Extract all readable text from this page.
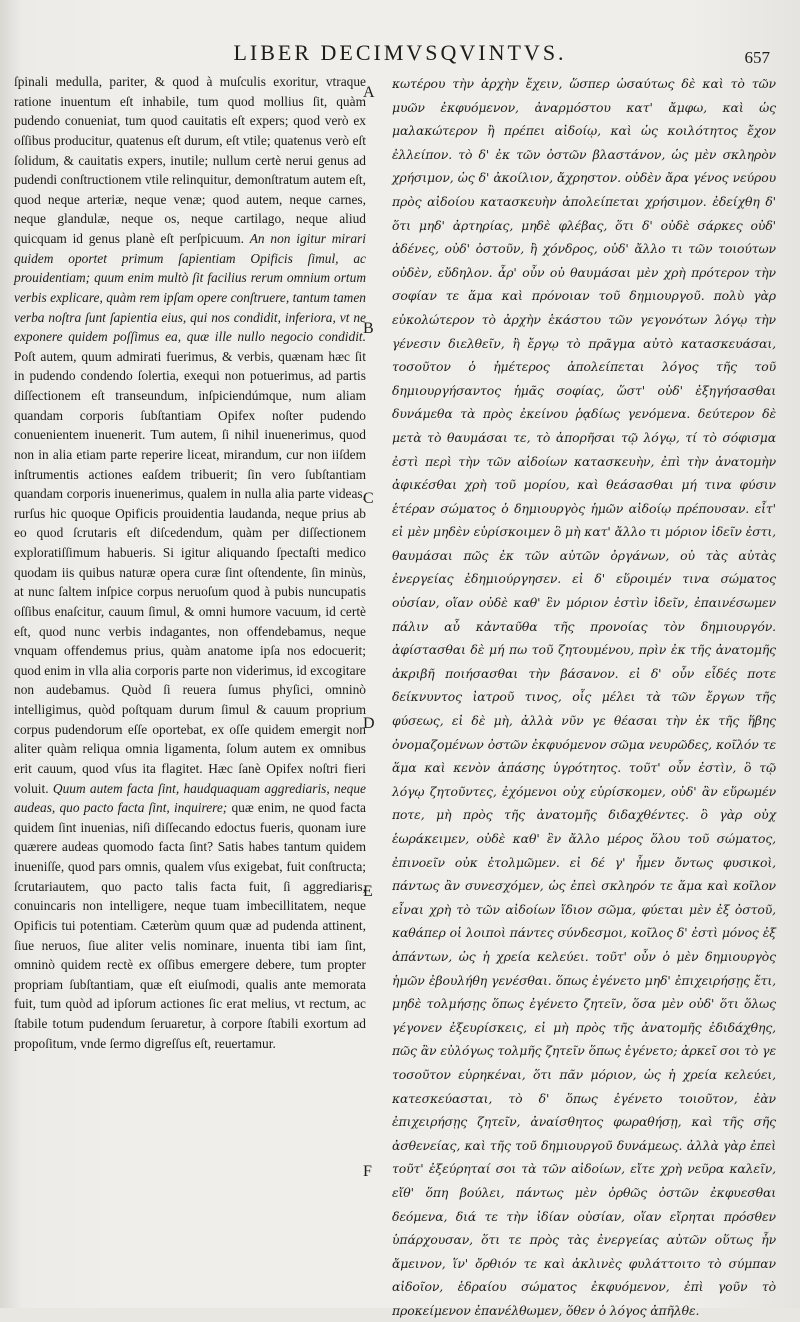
LIBER DECIMVSQVINTVS.	657

ſpinali medulla, pariter, & quod à muſculis exoritur, vtraque ratione inuentum eſt inhabile, tum quod mollius ſit, quàm pudendo conueniat, tum quod cauitatis eſt expers; quod verò ex oſſibus producitur, quatenus eſt durum, eſt vtile; quatenus verò eſt ſolidum, & cauitatis expers, inutile; nullum certè nerui genus ad pudendi conſtructionem vtile relinquitur, demonſtratum autem eſt, quod neque arteriæ, neque venæ; quod autem, neque carnes, neque glandulæ, neque os, neque cartilago, neque aliud quicquam id genus planè eſt perſpicuum. An non igitur mirari quidem oportet primum ſapientiam Opificis ſimul, ac prouidentiam; quum enim multò ſit facilius rerum omnium ortum verbis explicare, quàm rem ipſam opere conſtruere, tantum tamen verba noſtra ſunt ſapientia eius, qui nos condidit, inferiora, vt ne exponere quidem poſſimus ea, quæ ille nullo negocio condidit. Poſt autem, quum admirati fuerimus, & verbis, quænam hæc ſit in pudendo condendo ſolertia, exequi non potuerimus, ad partis diſſectionem eſt transeundum, inſpiciendúmque, num aliam quandam corporis ſubſtantiam Opifex noſter pudendo conuenientem inuenerit. Tum autem, ſi nihil inuenerimus, quod non in alia etiam parte reperire liceat, mirandum, cur non iiſdem inſtrumentis actiones eaſdem tribuerit; ſin vero ſubſtantiam quandam corporis inuenerimus, qualem in nulla alia parte videas, rurſus hic quoque Opificis prouidentia laudanda, neque prius ab eo quod ſcrutaris eſt diſcedendum, quàm per diſſectionem exploratiſſimum habueris. Si igitur aliquando ſpectaſti medico quodam iis quibus naturæ opera curæ ſint oſtendente, ſin minùs, at nunc ſaltem inſpice corpus neruoſum quod à pubis nuncupatis oſſibus enaſcitur, cauum ſimul, & omni humore vacuum, id certè eſt, quod nunc verbis indagantes, non offendebamus, neque vnquam offendemus prius, quàm anatome ipſa nos edocuerit; quod enim in vlla alia corporis parte non viderimus, id excogitare non audebamus. Quòd ſi reuera ſumus phyſici, omninò intelligimus, quòd poſtquam durum ſimul & cauum proprium corpus pudendorum eſſe oportebat, ex oſſe quidem emergit non aliter quàm reliqua omnia ligamenta, ſolum autem ex omnibus erit cauum, quod vſus ita flagitet. Hæc ſanè Opifex noſtri fieri voluit. Quum autem facta ſint, haudquaquam aggrediaris, neque audeas, quo pacto facta ſint, inquirere; quæ enim, ne quod facta quidem ſint inuenias, niſi diſſecando edoctus fueris, quonam iure quærere audeas quomodo facta ſint? Satis habes tantum quidem inueniſſe, quod pars omnis, qualem vſus exigebat, fuit conſtructa; ſcrutariautem, quo pacto talis facta fuit, ſi aggrediaris, conuincaris non intelligere, neque tuam imbecillitatem, neque Opificis tui potentiam. Cæterùm quum quæ ad pudenda attinent, ſiue neruos, ſiue aliter velis nominare, inuenta tibi iam ſint, omninò quidem rectè ex oſſibus emergere debere, tum propter propriam ſubſtantiam, quæ eſt eiuſmodi, qualis ante memorata fuit, tum quòd ad ipſorum actiones ſic erat melius, vt rectum, ac ſtabile totum pudendum ſeruaretur, à corpore ſtabili exortum ad propoſitum, vnde ſermo digreſſus eſt, reuertamur.

A
B
C
D
E
F

κωτέρου τὴν ἀρχὴν ἔχειν, ὥσπερ ὡσαύτως δὲ καὶ τὸ τῶν μυῶν ἐκφυόμενον, ἀναρμόστου κατ' ἄμφω, καὶ ὡς μαλακώτερον ἢ πρέπει αἰδοίῳ, καὶ ὡς κοιλότητος ἔχον ἐλλείπον. τὸ δ' ἐκ τῶν ὀστῶν βλαστάνον, ὡς μὲν σκληρὸν χρήσιμον, ὡς δ' ἀκοίλιον, ἄχρηστον. οὐδὲν ἄρα γένος νεύρου πρὸς αἰδοίου κατασκευὴν ἀπολείπεται χρήσιμον. ἐδείχθη δ' ὅτι μηδ' ἀρτηρίας, μηδὲ φλέβας, ὅτι δ' οὐδὲ σάρκες οὐδ' ἀδένες, οὐδ' ὀστοῦν, ἢ χόνδρος, οὐδ' ἄλλο τι τῶν τοιούτων οὐδὲν, εὔδηλον. ἆρ' οὖν οὐ θαυμάσαι μὲν χρὴ πρότερον τὴν σοφίαν τε ἅμα καὶ πρόνοιαν τοῦ δημιουργοῦ. πολὺ γὰρ εὐκολώτερον τὸ ἀρχὴν ἑκάστου τῶν γεγονότων λόγῳ τὴν γένεσιν διελθεῖν, ἢ ἔργῳ τὸ πρᾶγμα αὐτὸ κατασκευάσαι, τοσοῦτον ὁ ἡμέτερος ἀπολείπεται λόγος τῆς τοῦ δημιουργήσαντος ἡμᾶς σοφίας, ὥστ' οὐδ' ἐξηγήσασθαι δυνάμεθα τὰ πρὸς ἐκείνου ῥᾳδίως γενόμενα. δεύτερον δὲ μετὰ τὸ θαυμάσαι τε, τὸ ἀπορῆσαι τῷ λόγῳ, τί τὸ σόφισμα ἐστὶ περὶ τὴν τῶν αἰδοίων κατασκευὴν, ἐπὶ τὴν ἀνατομὴν ἀφικέσθαι χρὴ τοῦ μορίου, καὶ θεάσασθαι μή τινα φύσιν ἑτέραν σώματος ὁ δημιουργὸς ἡμῶν αἰδοίῳ πρέπουσαν. εἶτ' εἰ μὲν μηδὲν εὑρίσκοιμεν ὃ μὴ κατ' ἄλλο τι μόριον ἰδεῖν ἐστι, θαυμάσαι πῶς ἐκ τῶν αὐτῶν ὀργάνων, οὐ τὰς αὐτὰς ἐνεργείας ἐδημιούργησεν. εἰ δ' εὕροιμέν τινα σώματος οὐσίαν, οἵαν οὐδὲ καθ' ἓν μόριον ἐστὶν ἰδεῖν, ἐπαινέσωμεν πάλιν αὖ κἀνταῦθα τῆς προνοίας τὸν δημιουργόν. ἀφίστασθαι δὲ μή πω τοῦ ζητουμένου, πρὶν ἐκ τῆς ἀνατομῆς ἀκριβῆ ποιήσασθαι τὴν βάσανον. εἰ δ' οὖν εἶδές ποτε δείκνυντος ἰατροῦ τινος, οἷς μέλει τὰ τῶν ἔργων τῆς φύσεως, εἰ δὲ μὴ, ἀλλὰ νῦν γε θέασαι τὴν ἐκ τῆς ἥβης ὀνομαζομένων ὀστῶν ἐκφυόμενον σῶμα νευρῶδες, κοῖλόν τε ἅμα καὶ κενὸν ἁπάσης ὑγρότητος. τοῦτ' οὖν ἐστὶν, ὃ τῷ λόγῳ ζητοῦντες, ἐχόμενοι οὐχ εὑρίσκομεν, οὐδ' ἂν εὕρωμέν ποτε, μὴ πρὸς τῆς ἀνατομῆς διδαχθέντες. ὃ γὰρ οὐχ ἑωράκειμεν, οὐδὲ καθ' ἓν ἄλλο μέρος ὅλου τοῦ σώματος, ἐπινοεῖν οὐκ ἐτολμῶμεν. εἰ δέ γ' ἦμεν ὄντως φυσικοὶ, πάντως ἂν συνεσχόμεν, ὡς ἐπεὶ σκληρόν τε ἅμα καὶ κοῖλον εἶναι χρὴ τὸ τῶν αἰδοίων ἴδιον σῶμα, φύεται μὲν ἐξ ὀστοῦ, καθάπερ οἱ λοιποὶ πάντες σύνδεσμοι, κοῖλος δ' ἐστὶ μόνος ἐξ ἁπάντων, ὡς ἡ χρεία κελεύει. τοῦτ' οὖν ὁ μὲν δημιουργὸς ἡμῶν ἐβουλήθη γενέσθαι. ὅπως ἐγένετο μηδ' ἐπιχειρήσῃς ἔτι, μηδὲ τολμήσῃς ὅπως ἐγένετο ζητεῖν, ὅσα μὲν οὐδ' ὅτι ὅλως γέγονεν ἐξευρίσκεις, εἰ μὴ πρὸς τῆς ἀνατομῆς ἐδιδάχθης, πῶς ἂν εὐλόγως τολμῆς ζητεῖν ὅπως ἐγένετο; ἀρκεῖ σοι τὸ γε τοσοῦτον εὑρηκέναι, ὅτι πᾶν μόριον, ὡς ἡ χρεία κελεύει, κατεσκεύασται, τὸ δ' ὅπως ἐγένετο τοιοῦτον, ἐὰν ἐπιχειρήσῃς ζητεῖν, ἀναίσθητος φωραθήσῃ, καὶ τῆς σῆς ἀσθενείας, καὶ τῆς τοῦ δημιουργοῦ δυνάμεως. ἀλλὰ γὰρ ἐπεὶ τοῦτ' ἐξεύρηταί σοι τὰ τῶν αἰδοίων, εἴτε χρὴ νεῦρα καλεῖν, εἴθ' ὅπη βούλει, πάντως μὲν ὀρθῶς ὀστῶν ἐκφυεσθαι δεόμενα, διά τε τὴν ἰδίαν οὐσίαν, οἵαν εἴρηται πρόσθεν ὑπάρχουσαν, ὅτι τε πρὸς τὰς ἐνεργείας αὐτῶν οὕτως ἦν ἄμεινον, ἵν' ὄρθιόν τε καὶ ἀκλινὲς φυλάττοιτο τὸ σύμπαν αἰδοῖον, ἑδραίου σώματος ἐκφυόμενον, ἐπὶ γοῦν τὸ προκείμενον ἐπανέλθωμεν, ὅθεν ὁ λόγος ἀπῆλθε.
